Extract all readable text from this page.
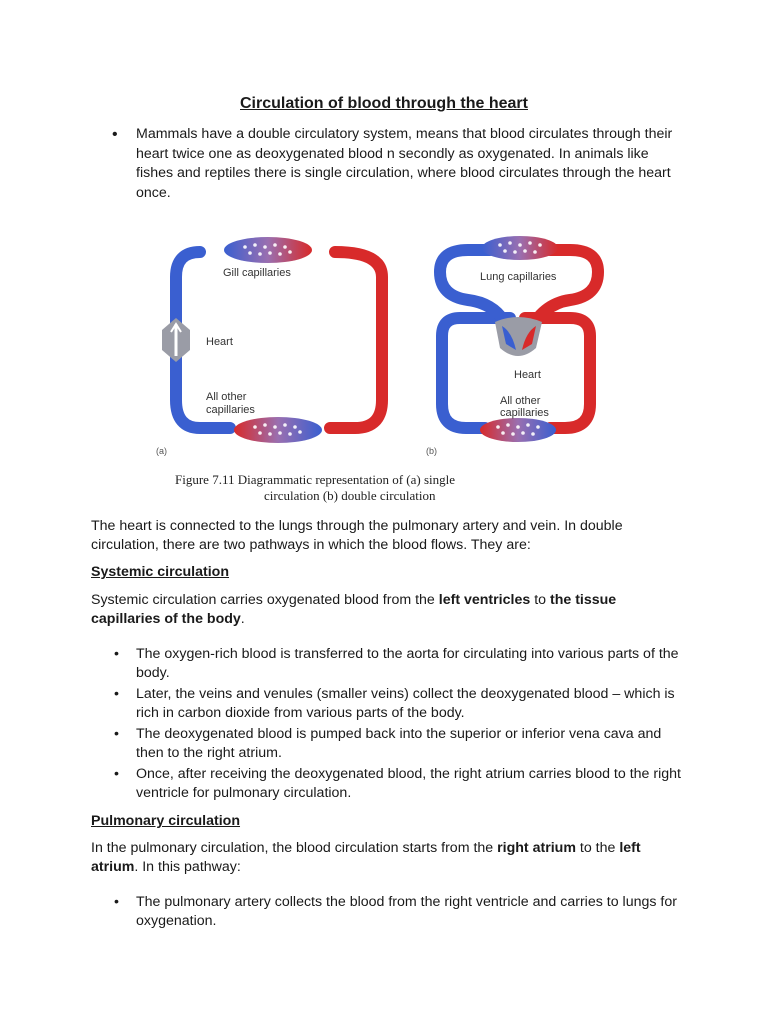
Circulation of blood through the heart
• Mammals have a double circulatory system, means that blood circulates through their heart twice one as deoxygenated blood n secondly as oxygenated. In animals like fishes and reptiles there is single circulation, where blood circulates through the heart once.
Gill capillaries
Heart
All other
capillaries
(a)
Lung capillaries
Heart
All other
capillaries
(b)
Figure 7.11 Diagrammatic representation of (a) single
circulation (b) double circulation
The heart is connected to the lungs through the pulmonary artery and vein. In double circulation, there are two pathways in which the blood flows. They are:
Systemic circulation
Systemic circulation carries oxygenated blood from the left ventricles to the tissue capillaries of the body.
• The oxygen-rich blood is transferred to the aorta for circulating into various parts of the body.
• Later, the veins and venules (smaller veins) collect the deoxygenated blood – which is rich in carbon dioxide from various parts of the body.
• The deoxygenated blood is pumped back into the superior or inferior vena cava and then to the right atrium.
• Once, after receiving the deoxygenated blood, the right atrium carries blood to the right ventricle for pulmonary circulation.
Pulmonary circulation
In the pulmonary circulation, the blood circulation starts from the right atrium to the left atrium. In this pathway:
• The pulmonary artery collects the blood from the right ventricle and carries to lungs for oxygenation.
